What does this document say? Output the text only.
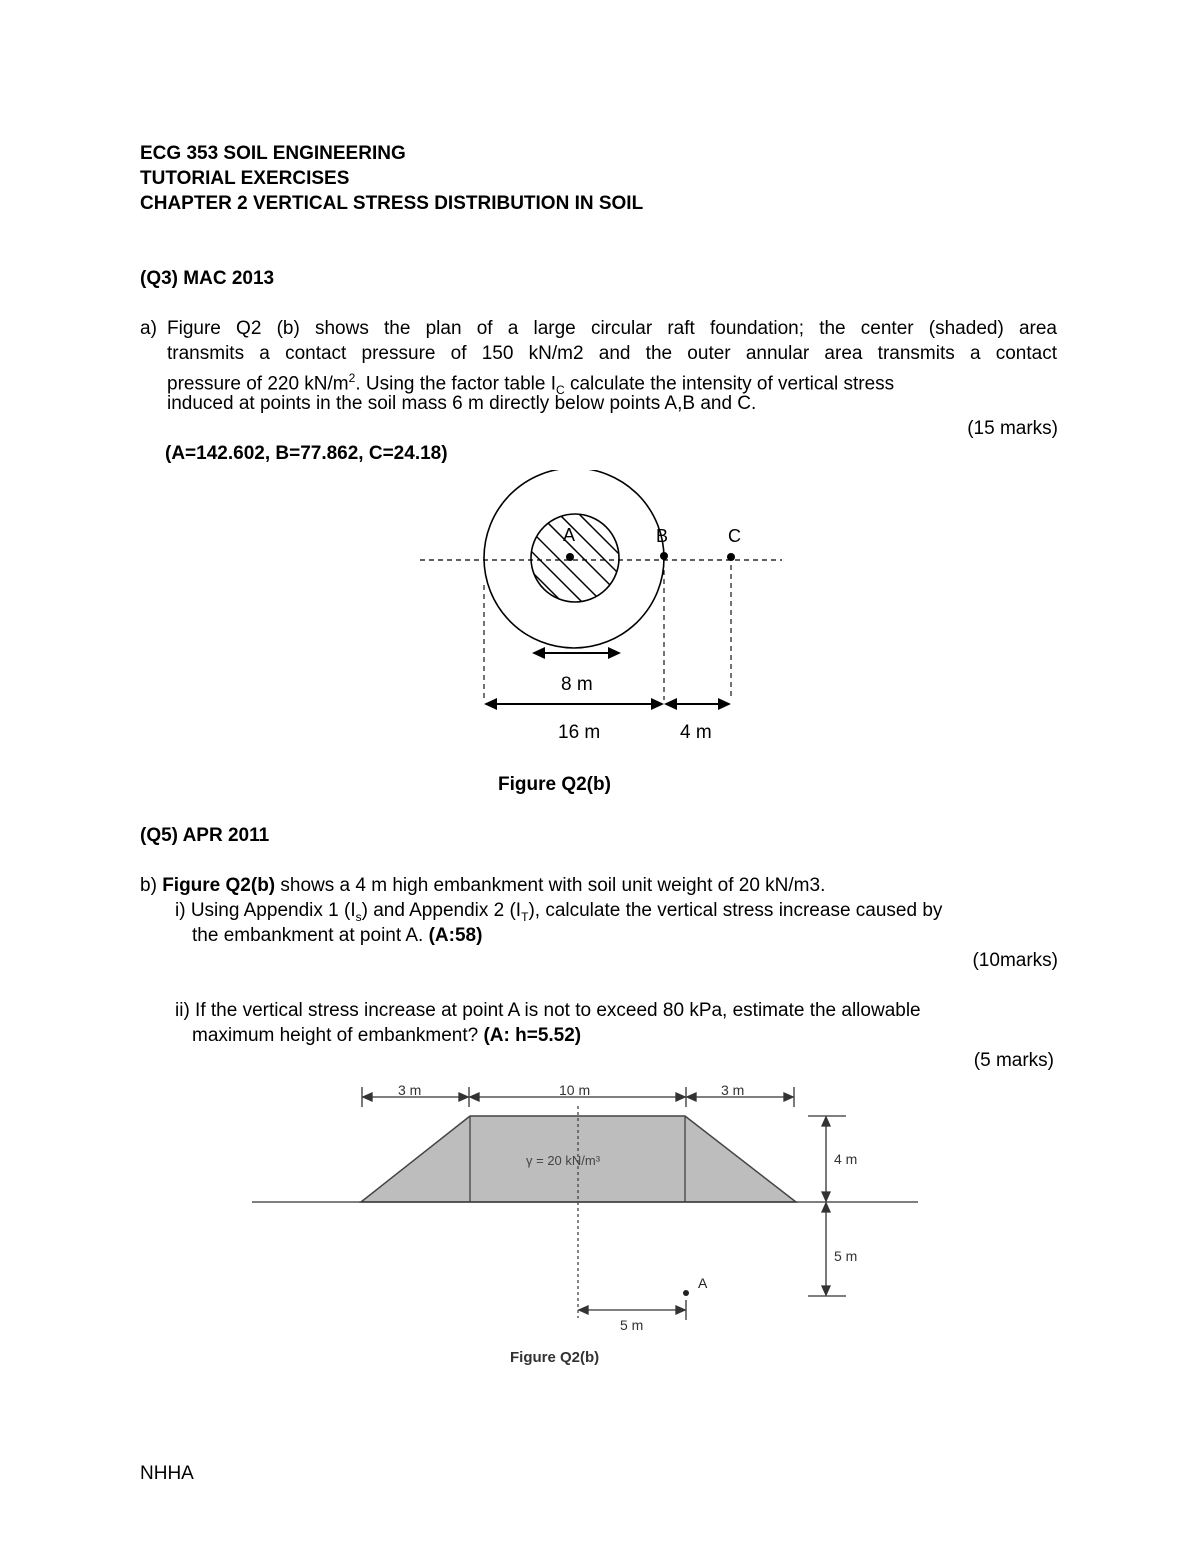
ECG 353 SOIL ENGINEERING
TUTORIAL EXERCISES
CHAPTER 2 VERTICAL STRESS DISTRIBUTION IN SOIL
(Q3) MAC 2013
a) Figure Q2 (b) shows the plan of a large circular raft foundation; the center (shaded) area
transmits a contact pressure of 150 kN/m2 and the outer annular area transmits a contact
pressure of 220 $kN/m^2$. Using the factor table $I_C$ calculate the intensity of vertical stress
induced at points in the soil mass 6 m directly below points A,B and C.
(15 marks)
(A=142.602, B=77.862, C=24.18)
A	B	C
8 m
16 m	4 m
Figure Q2(b)
(Q5) APR 2011
b) Figure Q2(b) shows a 4 m high embankment with soil unit weight of 20 kN/m3.
i) Using Appendix 1 $(I_s)$ and Appendix 2 $(I_T)$, calculate the vertical stress increase caused by
the embankment at point A. (A:58)
(10marks)
ii) If the vertical stress increase at point A is not to exceed 80 kPa, estimate the allowable
maximum height of embankment? (A: h=5.52)
(5 marks)
3 m	10 m	3 m
γ = 20 kN/m³	4 m
5 m
A
5 m
Figure Q2(b)
NHHA
